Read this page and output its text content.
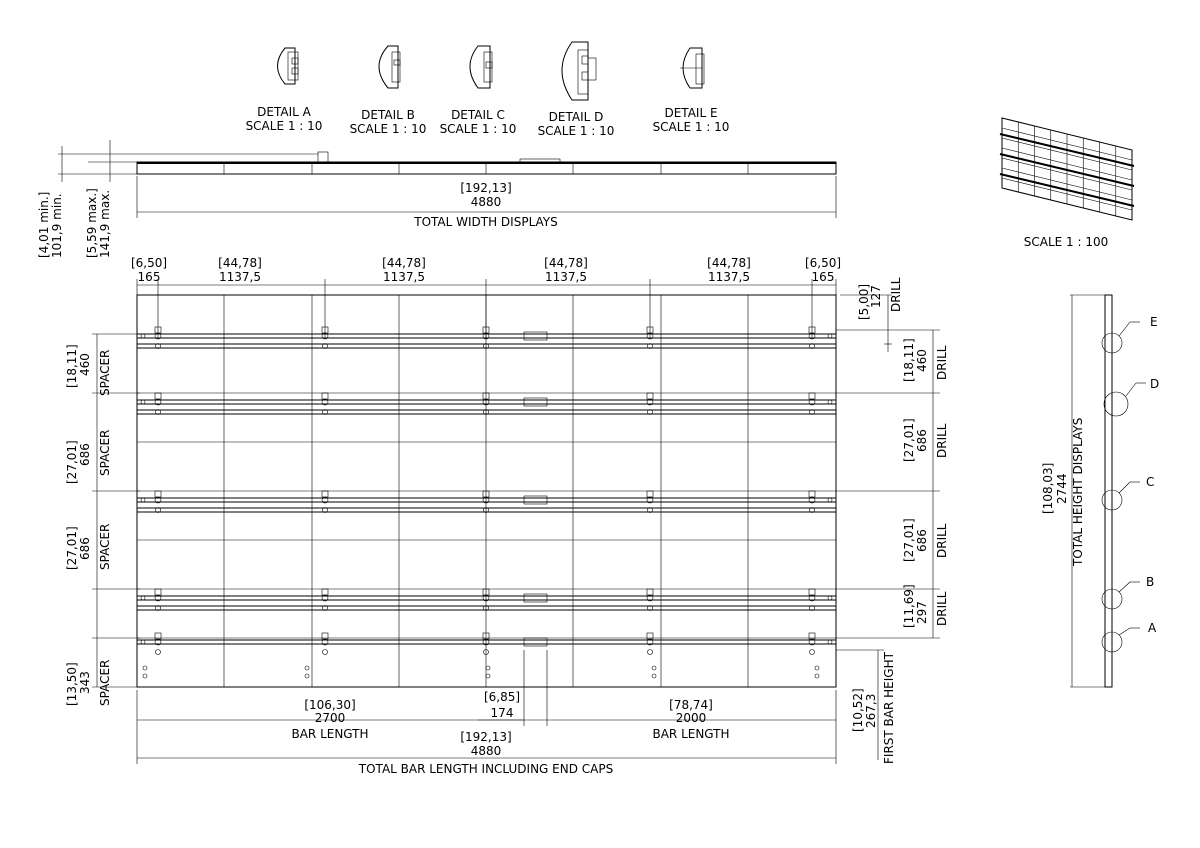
DETAIL A
SCALE 1 : 10
DETAIL B
SCALE 1 : 10
DETAIL C
SCALE 1 : 10
DETAIL D
SCALE 1 : 10
DETAIL E
SCALE 1 : 10
SCALE 1 : 100
[4,01 min.] 101,9 min. [5,59 max.] 141,9 max.
[192,13]
4880
TOTAL WIDTH DISPLAYS
[6,50]
165
[44,78]
1137,5
[44,78]
1137,5
[44,78]
1137,5
[44,78]
1137,5
[6,50]
165
[18,11] 460 SPACER
[27,01] 686 SPACER
[27,01] 686 SPACER
[13,50] 343 SPACER
[5,00]
127 DRILL
[18,11] 460 DRILL
[27,01] 686 DRILL
[27,01] 686 DRILL
[11,69] 297 DRILL
[10,52] 267,3 FIRST BAR HEIGHT
[106,30]
2700
BAR LENGTH
[6,85]
174
[78,74]
2000
BAR LENGTH
[192,13]
4880
TOTAL BAR LENGTH INCLUDING END CAPS
E
D
C
B
A
[108,03] 2744 TOTAL HEIGHT DISPLAYS
